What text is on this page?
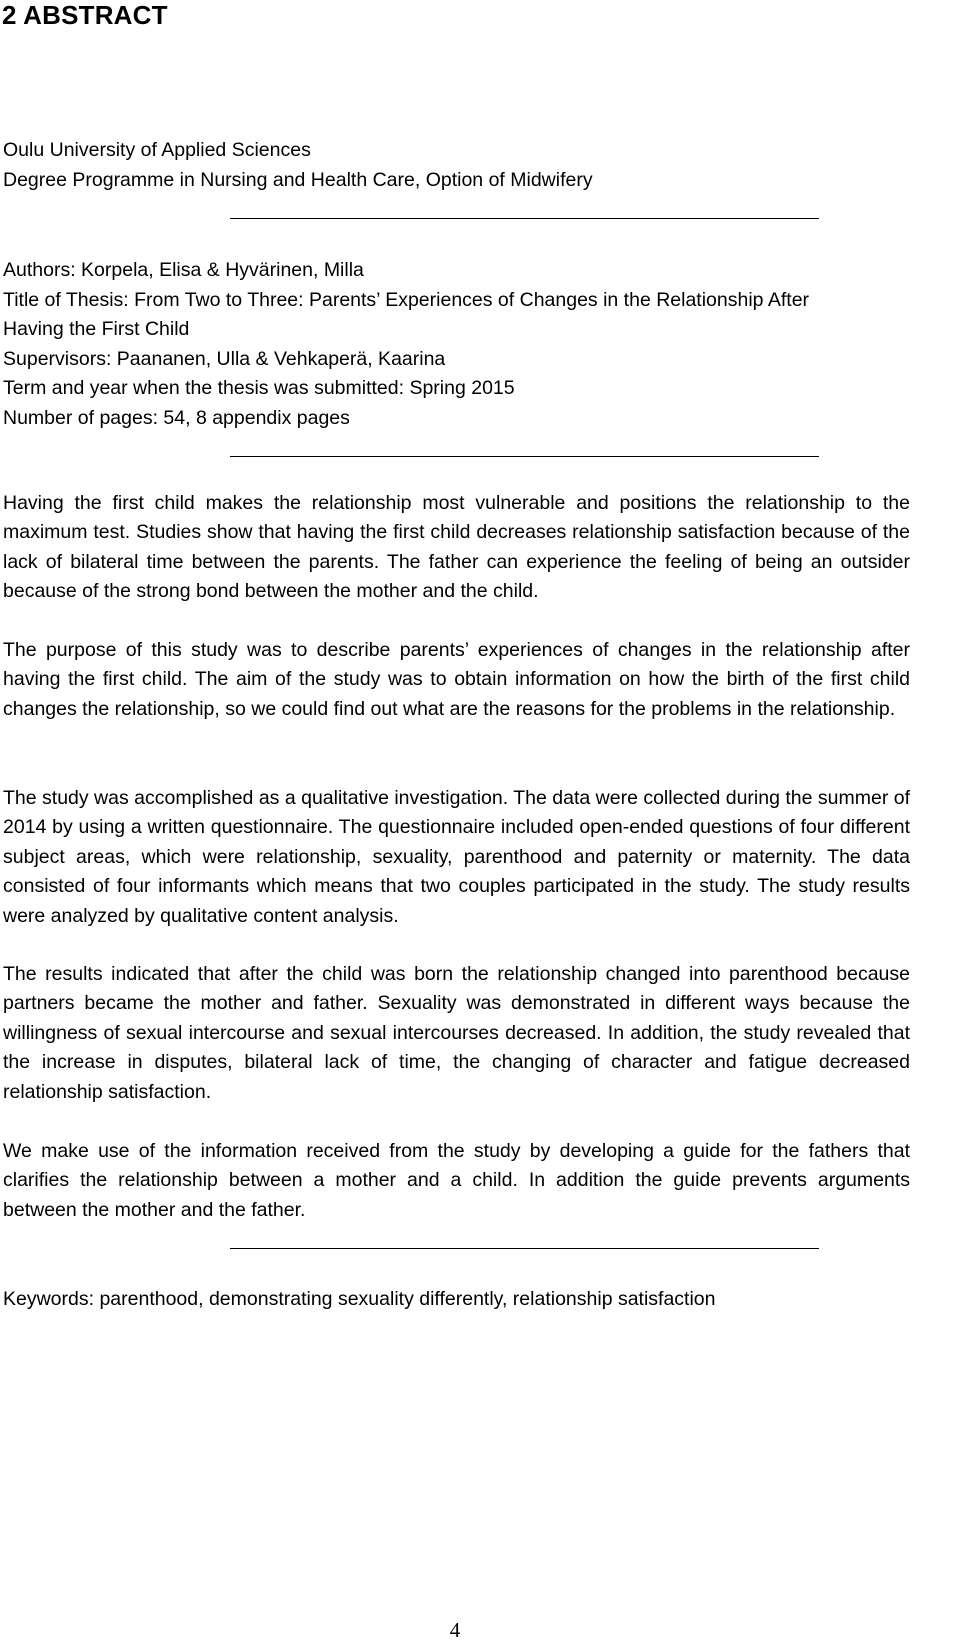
2 ABSTRACT
Oulu University of Applied Sciences
Degree Programme in Nursing and Health Care, Option of Midwifery
Authors: Korpela, Elisa & Hyvärinen, Milla
Title of Thesis: From Two to Three: Parents’ Experiences of Changes in the Relationship After
Having the First Child
Supervisors: Paananen, Ulla & Vehkaperä, Kaarina
Term and year when the thesis was submitted: Spring 2015
Number of pages: 54, 8 appendix pages

Having the first child makes the relationship most vulnerable and positions the relationship to the maximum test. Studies show that having the first child decreases relationship satisfaction because of the lack of bilateral time between the parents. The father can experience the feeling of being an outsider because of the strong bond between the mother and the child.

The purpose of this study was to describe parents’ experiences of changes in the relationship after having the first child. The aim of the study was to obtain information on how the birth of the first child changes the relationship, so we could find out what are the reasons for the problems in the relationship.

The study was accomplished as a qualitative investigation. The data were collected during the summer of 2014 by using a written questionnaire. The questionnaire included open-ended questions of four different subject areas, which were relationship, sexuality, parenthood and paternity or maternity. The data consisted of four informants which means that two couples participated in the study. The study results were analyzed by qualitative content analysis.

The results indicated that after the child was born the relationship changed into parenthood because partners became the mother and father. Sexuality was demonstrated in different ways because the willingness of sexual intercourse and sexual intercourses decreased. In addition, the study revealed that the increase in disputes, bilateral lack of time, the changing of character and fatigue decreased relationship satisfaction.

We make use of the information received from the study by developing a guide for the fathers that clarifies the relationship between a mother and a child. In addition the guide prevents arguments between the mother and the father.

Keywords: parenthood, demonstrating sexuality differently, relationship satisfaction
4
